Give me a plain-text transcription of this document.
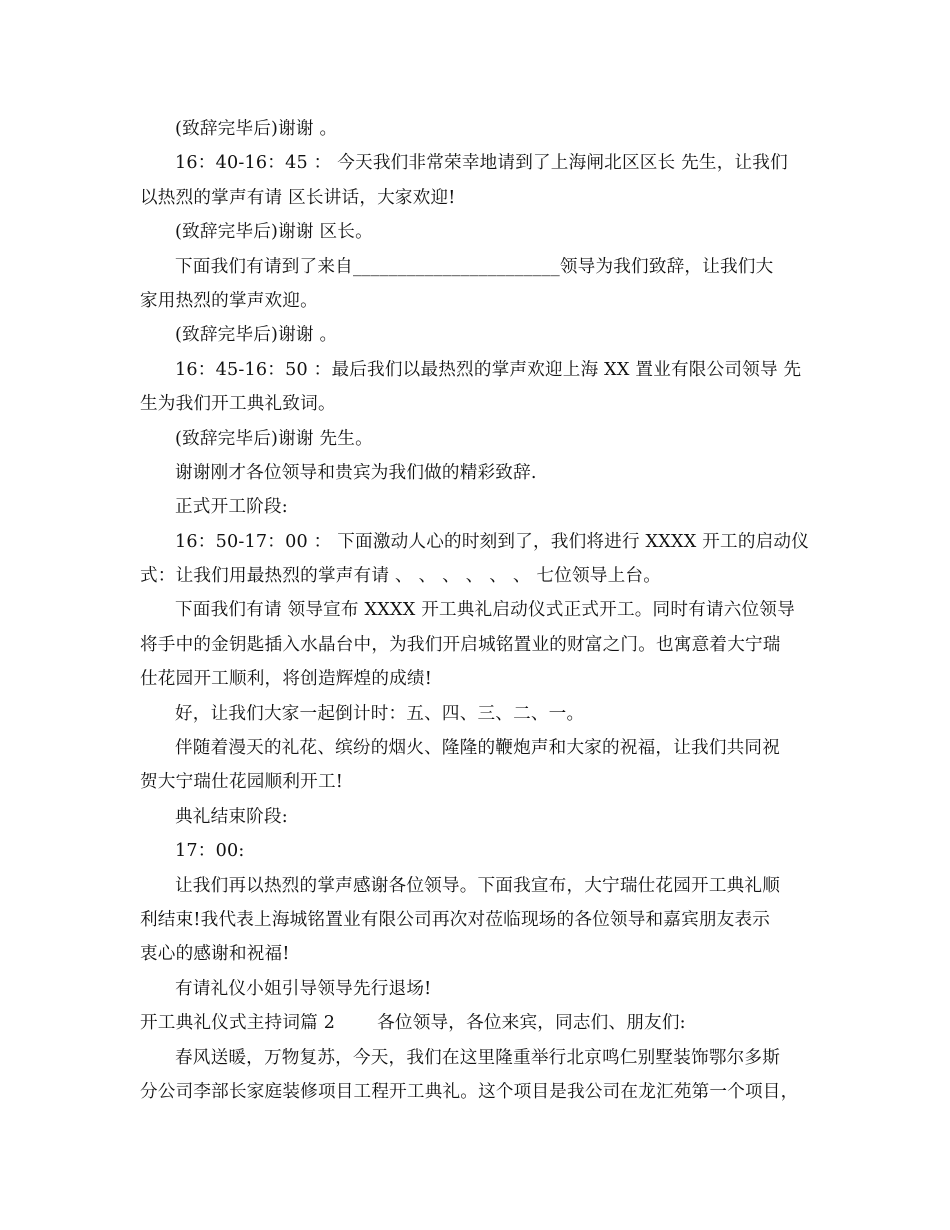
(致辞完毕后)谢谢 。
16：40-16：45 ： 今天我们非常荣幸地请到了上海闸北区区长 先生，让我们
以热烈的掌声有请 区长讲话，大家欢迎!
(致辞完毕后)谢谢 区长。
下面我们有请到了来自_______________________领导为我们致辞，让我们大
家用热烈的掌声欢迎。
(致辞完毕后)谢谢 。
16：45-16：50 ：最后我们以最热烈的掌声欢迎上海 XX 置业有限公司领导 先
生为我们开工典礼致词。
(致辞完毕后)谢谢 先生。
谢谢刚才各位领导和贵宾为我们做的精彩致辞.
正式开工阶段:
16：50-17：00 ： 下面激动人心的时刻到了，我们将进行 XXXX 开工的启动仪
式：让我们用最热烈的掌声有请 、 、 、 、 、 、 七位领导上台。
下面我们有请 领导宣布 XXXX 开工典礼启动仪式正式开工。同时有请六位领导
将手中的金钥匙插入水晶台中，为我们开启城铭置业的财富之门。也寓意着大宁瑞
仕花园开工顺利，将创造辉煌的成绩!
好，让我们大家一起倒计时：五、四、三、二、一。
伴随着漫天的礼花、缤纷的烟火、隆隆的鞭炮声和大家的祝福，让我们共同祝
贺大宁瑞仕花园顺利开工!
典礼结束阶段:
17：00:
让我们再以热烈的掌声感谢各位领导。下面我宣布，大宁瑞仕花园开工典礼顺
利结束!我代表上海城铭置业有限公司再次对莅临现场的各位领导和嘉宾朋友表示
衷心的感谢和祝福!
有请礼仪小姐引导领导先行退场!
开工典礼仪式主持词篇 2 各位领导，各位来宾，同志们、朋友们:
春风送暖，万物复苏，今天，我们在这里隆重举行北京鸣仁别墅装饰鄂尔多斯
分公司李部长家庭装修项目工程开工典礼。这个项目是我公司在龙汇苑第一个项目，
